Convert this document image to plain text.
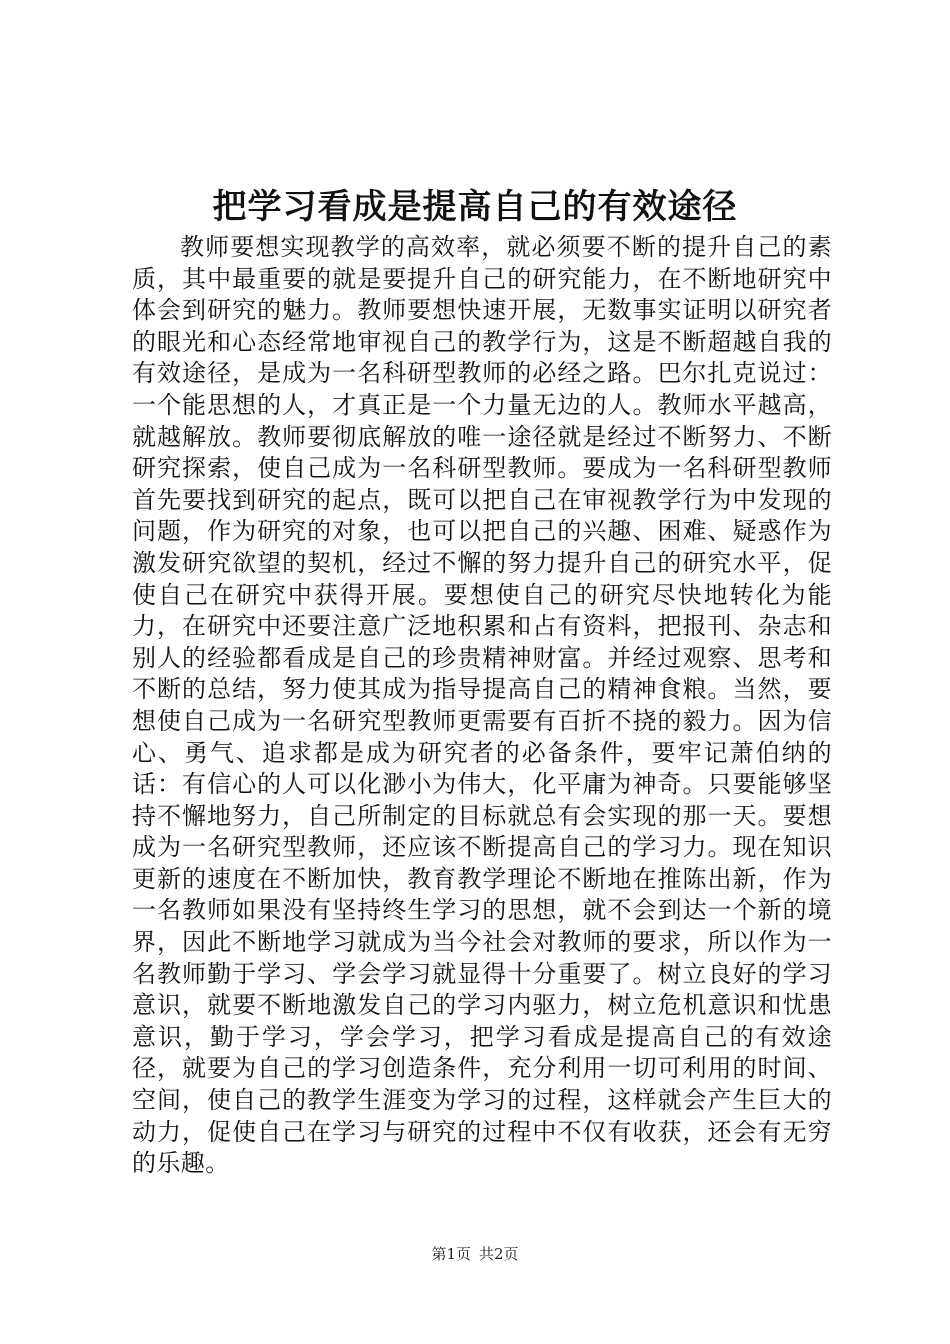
把学习看成是提高自己的有效途径

教师要想实现教学的高效率，就必须要不断的提升自己的素质，其中最重要的就是要提升自己的研究能力，在不断地研究中体会到研究的魅力。教师要想快速开展，无数事实证明以研究者的眼光和心态经常地审视自己的教学行为，这是不断超越自我的有效途径，是成为一名科研型教师的必经之路。巴尔扎克说过：一个能思想的人，才真正是一个力量无边的人。教师水平越高，就越解放。教师要彻底解放的唯一途径就是经过不断努力、不断研究探索，使自己成为一名科研型教师。要成为一名科研型教师首先要找到研究的起点，既可以把自己在审视教学行为中发现的问题，作为研究的对象，也可以把自己的兴趣、困难、疑惑作为激发研究欲望的契机，经过不懈的努力提升自己的研究水平，促使自己在研究中获得开展。要想使自己的研究尽快地转化为能力，在研究中还要注意广泛地积累和占有资料，把报刊、杂志和别人的经验都看成是自己的珍贵精神财富。并经过观察、思考和不断的总结，努力使其成为指导提高自己的精神食粮。当然，要想使自己成为一名研究型教师更需要有百折不挠的毅力。因为信心、勇气、追求都是成为研究者的必备条件，要牢记萧伯纳的话：有信心的人可以化渺小为伟大，化平庸为神奇。只要能够坚持不懈地努力，自己所制定的目标就总有会实现的那一天。要想成为一名研究型教师，还应该不断提高自己的学习力。现在知识更新的速度在不断加快，教育教学理论不断地在推陈出新，作为一名教师如果没有坚持终生学习的思想，就不会到达一个新的境界，因此不断地学习就成为当今社会对教师的要求，所以作为一名教师勤于学习、学会学习就显得十分重要了。树立良好的学习意识，就要不断地激发自己的学习内驱力，树立危机意识和忧患意识，勤于学习，学会学习，把学习看成是提高自己的有效途径，就要为自己的学习创造条件，充分利用一切可利用的时间、空间，使自己的教学生涯变为学习的过程，这样就会产生巨大的动力，促使自己在学习与研究的过程中不仅有收获，还会有无穷的乐趣。

第1页 共2页
